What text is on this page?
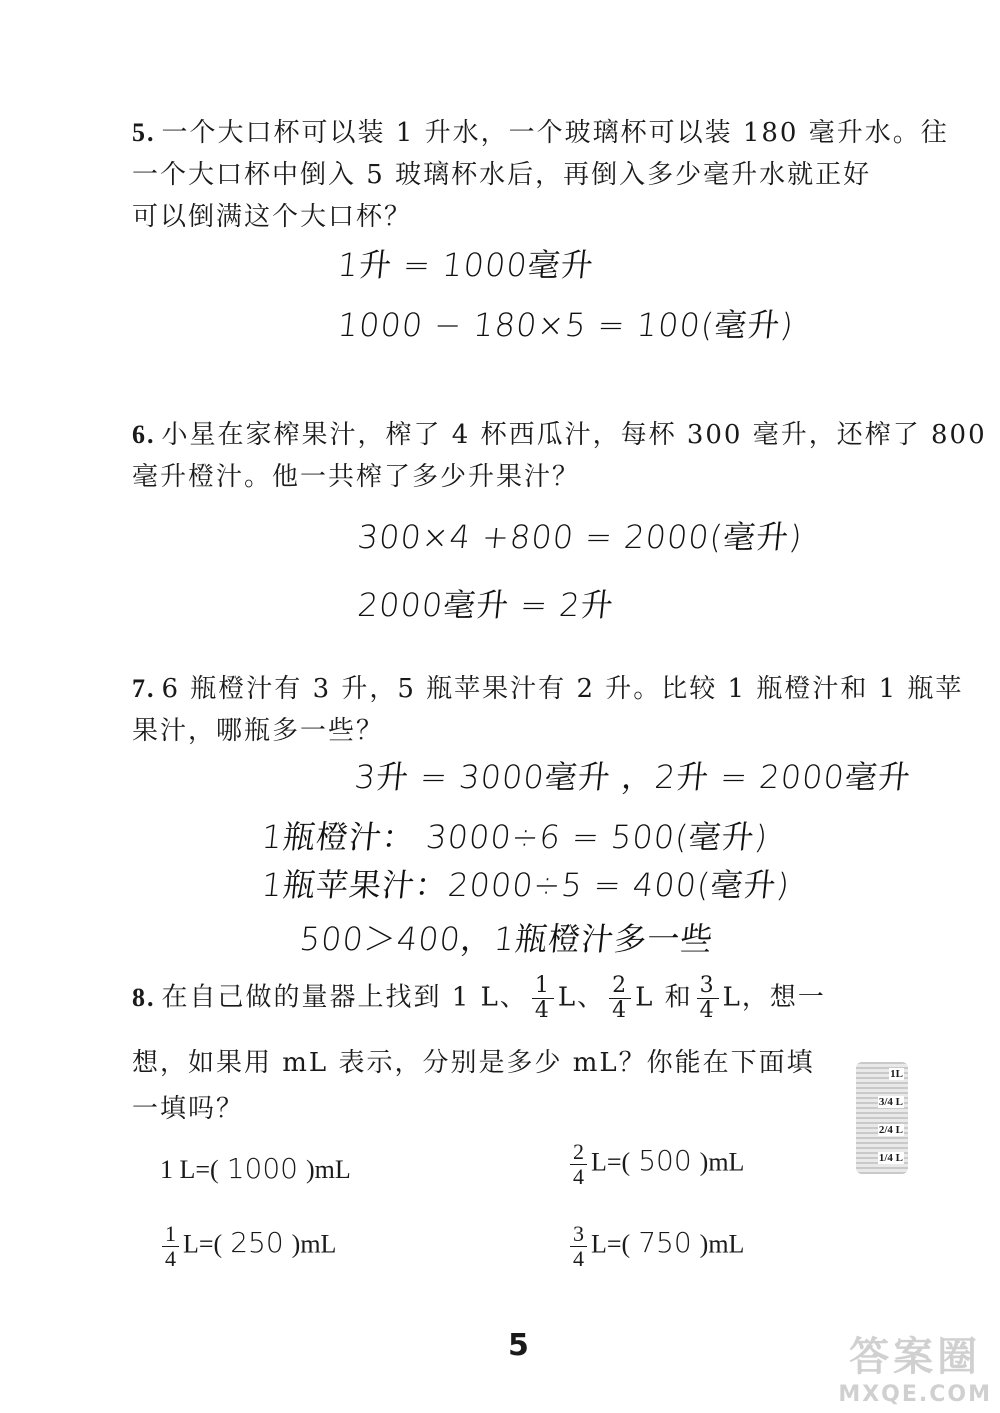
5. 一个大口杯可以装 1 升水，一个玻璃杯可以装 180 毫升水。往
一个大口杯中倒入 5 玻璃杯水后，再倒入多少毫升水就正好
可以倒满这个大口杯？
1升 = 1000毫升
1000 − 180×5 = 100(毫升)
6. 小星在家榨果汁，榨了 4 杯西瓜汁，每杯 300 毫升，还榨了 800
毫升橙汁。他一共榨了多少升果汁？
300×4 +800 = 2000(毫升)
2000毫升 = 2升
7. 6 瓶橙汁有 3 升，5 瓶苹果汁有 2 升。比较 1 瓶橙汁和 1 瓶苹
果汁，哪瓶多一些？
3升 = 3000毫升 ，2升 = 2000毫升
1瓶橙汁： 3000÷6 = 500(毫升)
1瓶苹果汁：2000÷5 = 400(毫升)
500＞400，1瓶橙汁多一些
8. 在自己做的量器上找到 1 L、 $\frac{1}{4}$ L、 $\frac{2}{4}$ L 和 $\frac{3}{4}$ L，想一
想，如果用 mL 表示，分别是多少 mL？你能在下面填
一填吗？
1L
3/4 L
2/4 L
1/4 L
1 L=( 1000 )mL	$\frac{2}{4} L=$( 500 )mL
$\frac{1}{4} L=$( 250 )mL	$\frac{3}{4} L=$( 750 )mL
5	答案圈
MXQE.COM
